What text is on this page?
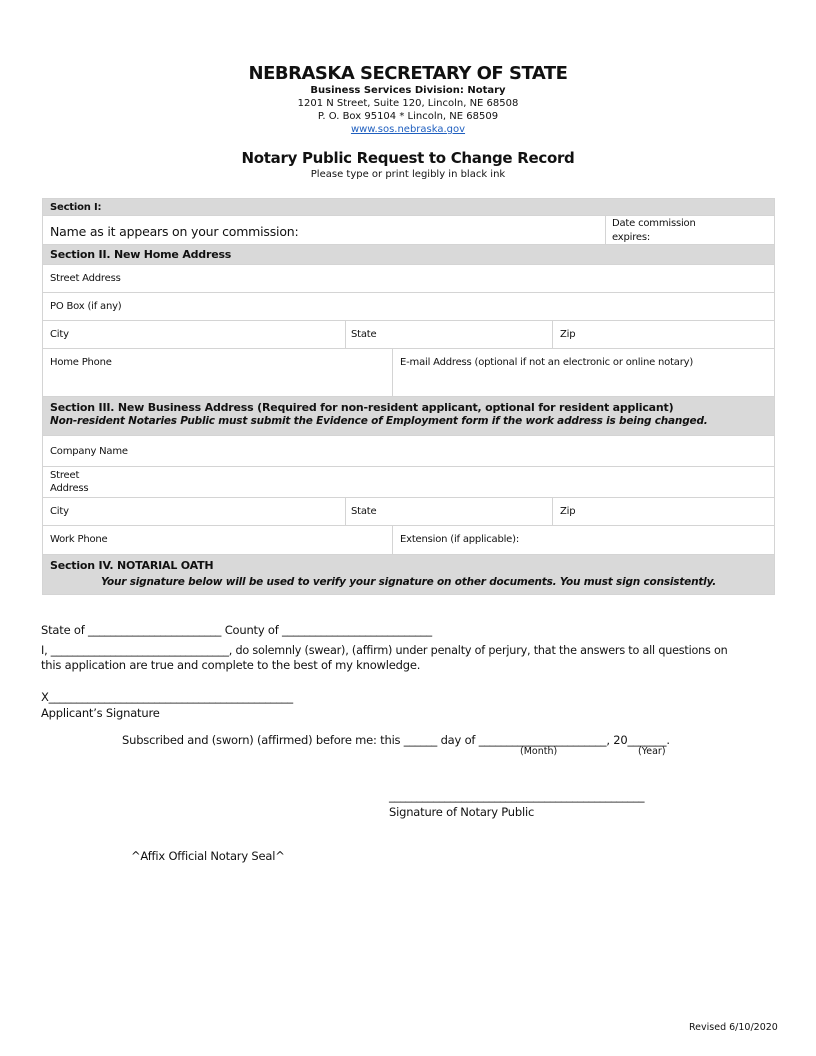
NEBRASKA SECRETARY OF STATE
Business Services Division: Notary
1201 N Street, Suite 120, Lincoln, NE 68508
P. O. Box 95104 * Lincoln, NE 68509
www.sos.nebraska.gov
Notary Public Request to Change Record
Please type or print legibly in black ink
Section I:
Name as it appears on your commission:
Date commission
expires:
Section II. New Home Address
Street Address
PO Box (if any)
City	State	Zip
Home Phone	E-mail Address (optional if not an electronic or online notary)
Section III. New Business Address (Required for non-resident applicant, optional for resident applicant)
Non-resident Notaries Public must submit the Evidence of Employment form if the work address is being changed.
Company Name
Street
Address
City	State	Zip
Work Phone	Extension (if applicable):
Section IV. NOTARIAL OATH
Your signature below will be used to verify your signature on other documents. You must sign consistently.
State of ________________________ County of ___________________________
I, _________________________________, do solemnly (swear), (affirm) under penalty of perjury, that the answers to all questions on
this application are true and complete to the best of my knowledge.
X____________________________________________
Applicant’s Signature
Subscribed and (sworn) (affirmed) before me: this ______ day of _______________________, 20_______.
(Month)	(Year)
______________________________________________
Signature of Notary Public
^Affix Official Notary Seal^
Revised 6/10/2020
